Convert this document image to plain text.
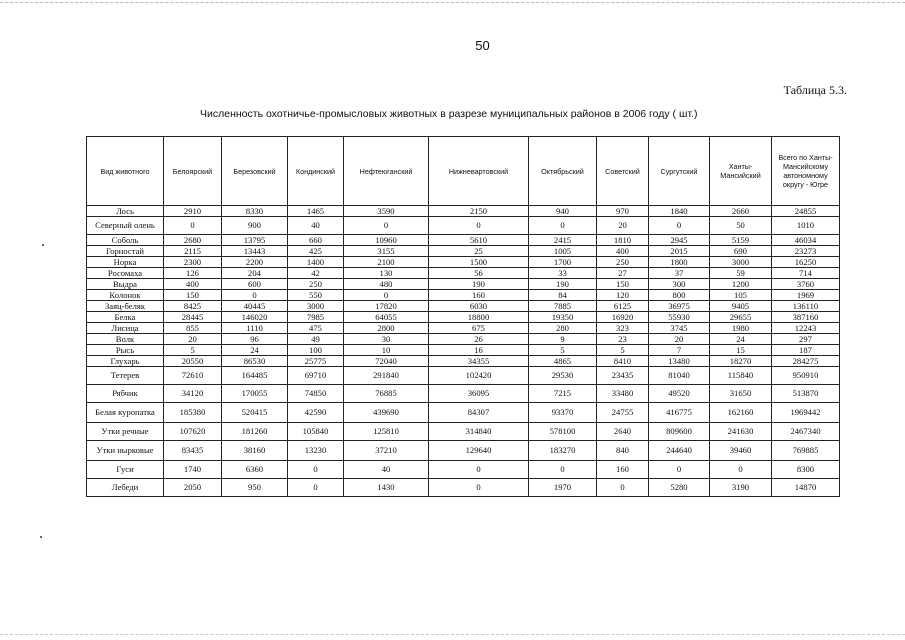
50
Таблица 5.3.
Численность охотничье-промысловых животных в разрезе муниципальных районов в 2006 году ( шт.)
Вид животного	Белоярский	Березовский	Кондинский	Нефтеюганский	Нижневартовский	Октябрьский	Советский	Сургутский	Ханты-Мансийский	Всего по Ханты-Мансийскому автономному округу - Югре
Лось	2910	8330	1465	3590	2150	940	970	1840	2660	24855
Северный олень	0	900	40	0	0	0	20	0	50	1010
Соболь	2680	13795	660	10960	5610	2415	1810	2945	5159	46034
Горностай	2115	13443	425	3155	25	1005	400	2015	690	23273
Норка	2300	2200	1400	2100	1500	1700	250	1800	3000	16250
Росомаха	126	204	42	130	56	33	27	37	59	714
Выдра	400	600	250	480	190	190	150	300	1200	3760
Колонок	150	0	550	0	160	84	120	800	105	1969
Заяц-беляк	8425	40445	3000	17820	6030	7885	6125	36975	9405	136110
Белка	28445	146020	7985	64055	18800	19350	16920	55930	29655	387160
Лисица	855	1110	475	2800	675	280	323	3745	1980	12243
Волк	20	96	49	30	26	9	23	20	24	297
Рысь	5	24	100	10	16	5	5	7	15	187
Глухарь	20550	86530	25775	72040	34355	4865	8410	13480	18270	284275
Тетерев	72610	164485	69710	291840	102420	29530	23435	81040	115840	950910
Рябчик	34120	170055	74850	76885	36095	7215	33480	49520	31650	513870
Белая куропатка	185380	520415	42590	439690	84307	93370	24755	416775	162160	1969442
Утки речные	107620	181260	105840	125810	314840	578100	2640	809600	241630	2467340
Утки нырковые	83435	38160	13230	37210	129640	183270	840	244640	39460	769885
Гуси	1740	6360	0	40	0	0	160	0	0	8300
Лебеди	2050	950	0	1430	0	1970	0	5280	3190	14870
